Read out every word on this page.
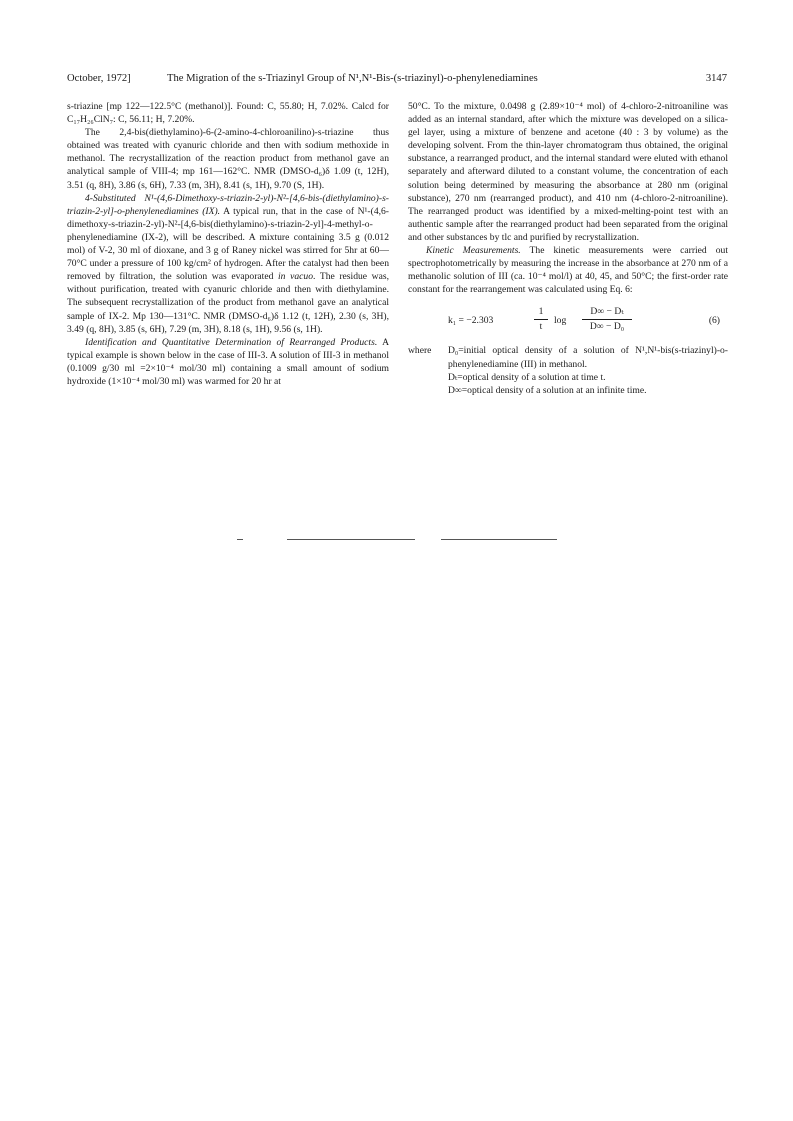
October, 1972]	The Migration of the s-Triazinyl Group of N¹,N¹-Bis-(s-triazinyl)-o-phenylenediamines	3147

s-triazine [mp 122—122.5°C (methanol)]. Found: C, 55.80; H, 7.02%. Calcd for C₁₇H₂₆ClN₇: C, 56.11; H, 7.20%.

The 2,4-bis(diethylamino)-6-(2-amino-4-chloroanilino)-s-triazine thus obtained was treated with cyanuric chloride and then with sodium methoxide in methanol. The recrystallization of the reaction product from methanol gave an analytical sample of VIII-4; mp 161—162°C. NMR (DMSO-d₆)δ 1.09 (t, 12H), 3.51 (q, 8H), 3.86 (s, 6H), 7.33 (m, 3H), 8.41 (s, 1H), 9.70 (S, 1H).

4-Substituted N¹-(4,6-Dimethoxy-s-triazin-2-yl)-N²-[4,6-bis-(diethylamino)-s-triazin-2-yl]-o-phenylenediamines (IX). A typical run, that in the case of N¹-(4,6-dimethoxy-s-triazin-2-yl)-N²-[4,6-bis(diethylamino)-s-triazin-2-yl]-4-methyl-o-phenylenediamine (IX-2), will be described. A mixture containing 3.5 g (0.012 mol) of V-2, 30 ml of dioxane, and 3 g of Raney nickel was stirred for 5hr at 60—70°C under a pressure of 100 kg/cm² of hydrogen. After the catalyst had then been removed by filtration, the solution was evaporated in vacuo. The residue was, without purification, treated with cyanuric chloride and then with diethylamine. The subsequent recrystallization of the product from methanol gave an analytical sample of IX-2. Mp 130—131°C. NMR (DMSO-d₆)δ 1.12 (t, 12H), 2.30 (s, 3H), 3.49 (q, 8H), 3.85 (s, 6H), 7.29 (m, 3H), 8.18 (s, 1H), 9.56 (s, 1H).

Identification and Quantitative Determination of Rearranged Products. A typical example is shown below in the case of III-3. A solution of III-3 in methanol (0.1009 g/30 ml =2×10⁻⁴ mol/30 ml) containing a small amount of sodium hydroxide (1×10⁻⁴ mol/30 ml) was warmed for 20 hr at

50°C. To the mixture, 0.0498 g (2.89×10⁻⁴ mol) of 4-chloro-2-nitroaniline was added as an internal standard, after which the mixture was developed on a silica-gel layer, using a mixture of benzene and acetone (40 : 3 by volume) as the developing solvent. From the thin-layer chromatogram thus obtained, the original substance, a rearranged product, and the internal standard were eluted with ethanol separately and afterward diluted to a constant volume, the concentration of each solution being determined by measuring the absorbance at 280 nm (original substance), 270 nm (rearranged product), and 410 nm (4-chloro-2-nitroaniline). The rearranged product was identified by a mixed-melting-point test with an authentic sample after the rearranged product had been separated from the original and other substances by tlc and purified by recrystallization.

Kinetic Measurements. The kinetic measurements were carried out spectrophotometrically by measuring the increase in the absorbance at 270 nm of a methanolic solution of III (ca. 10⁻⁴ mol/l) at 40, 45, and 50°C; the first-order rate constant for the rearrangement was calculated using Eq. 6:

k₁ = −2.303	$\frac{1}{t}$ $\log \frac{\text{D∞ − Dₜ}}{\text{D∞ − D₀}}$	(6)
where	D₀=initial optical density of a solution of N¹,N¹-bis(s-triazinyl)-o-phenylenediamine (III) in methanol.

Dₜ=optical density of a solution at time t.

D∞=optical density of a solution at an infinite time.
